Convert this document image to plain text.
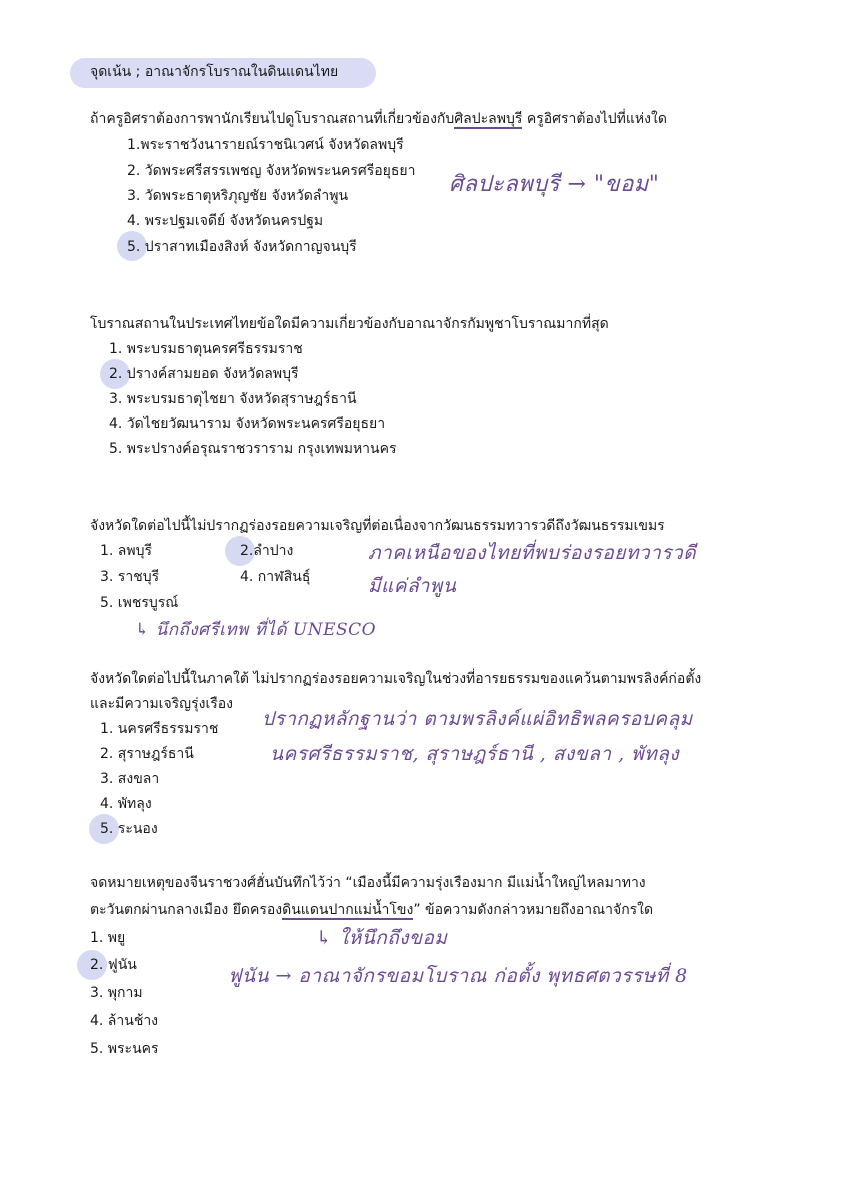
จุดเน้น ; อาณาจักรโบราณในดินแดนไทย
ถ้าครูอิศราต้องการพานักเรียนไปดูโบราณสถานที่เกี่ยวข้องกับศิลปะลพบุรี ครูอิศราต้องไปที่แห่งใด
1.พระราชวังนารายณ์ราชนิเวศน์ จังหวัดลพบุรี
2. วัดพระศรีสรรเพชญ จังหวัดพระนครศรีอยุธยา
3. วัดพระธาตุหริภุญชัย จังหวัดลำพูน
4. พระปฐมเจดีย์ จังหวัดนครปฐม
5. ปราสาทเมืองสิงห์ จังหวัดกาญจนบุรี
ศิลปะลพบุรี → "ขอม"
โบราณสถานในประเทศไทยข้อใดมีความเกี่ยวข้องกับอาณาจักรกัมพูชาโบราณมากที่สุด
1. พระบรมธาตุนครศรีธรรมราช
2. ปรางค์สามยอด จังหวัดลพบุรี
3. พระบรมธาตุไชยา จังหวัดสุราษฎร์ธานี
4. วัดไชยวัฒนาราม จังหวัดพระนครศรีอยุธยา
5. พระปรางค์อรุณราชวราราม กรุงเทพมหานคร
จังหวัดใดต่อไปนี้ไม่ปรากฏร่องรอยความเจริญที่ต่อเนื่องจากวัฒนธรรมทวารวดีถึงวัฒนธรรมเขมร
1. ลพบุรี	2.ลำปาง
3. ราชบุรี	4. กาฬสินธุ์
5. เพชรบูรณ์
ภาคเหนือของไทยที่พบร่องรอยทวารวดี
มีแค่ลำพูน
↳ นึกถึงศรีเทพ ที่ได้ UNESCO
จังหวัดใดต่อไปนี้ในภาคใต้ ไม่ปรากฏร่องรอยความเจริญในช่วงที่อารยธรรมของแคว้นตามพรลิงค์ก่อตั้ง
และมีความเจริญรุ่งเรือง
1. นครศรีธรรมราช
2. สุราษฎร์ธานี
3. สงขลา
4. พัทลุง
5. ระนอง
ปรากฏหลักฐานว่า ตามพรลิงค์แผ่อิทธิพลครอบคลุม
นครศรีธรรมราช, สุราษฎร์ธานี , สงขลา , พัทลุง
จดหมายเหตุของจีนราชวงศ์ฮั่นบันทึกไว้ว่า “เมืองนี้มีความรุ่งเรืองมาก มีแม่น้ำใหญ่ไหลมาทาง
ตะวันตกผ่านกลางเมือง ยึดครองดินแดนปากแม่น้ำโขง” ข้อความดังกล่าวหมายถึงอาณาจักรใด
1. พยู
2. ฟูนัน
3. พุกาม
4. ล้านช้าง
5. พระนคร
↳ ให้นึกถึงขอม
ฟูนัน → อาณาจักรขอมโบราณ ก่อตั้ง พุทธศตวรรษที่ 8
